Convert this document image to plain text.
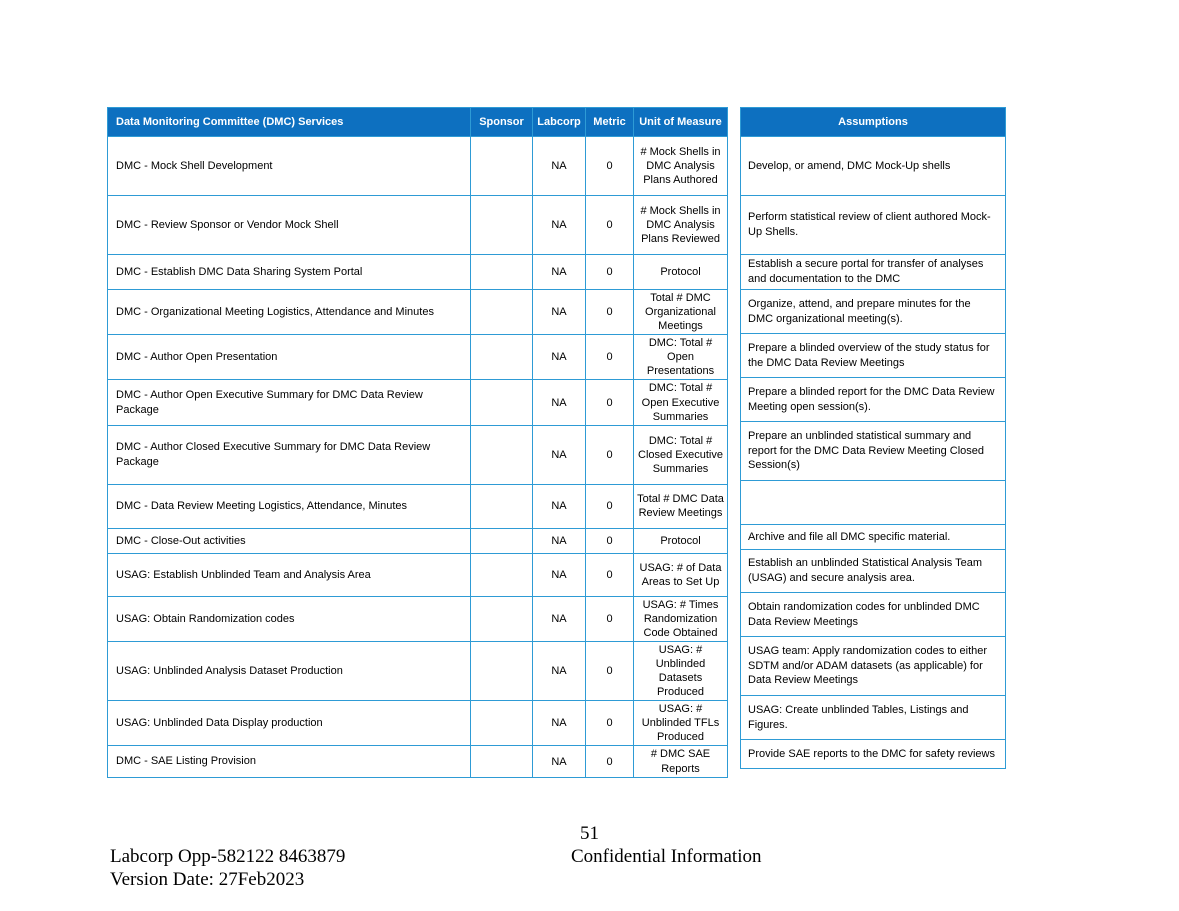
Data Monitoring Committee (DMC) Services	Sponsor	Labcorp	Metric	Unit of Measure
DMC - Mock Shell Development		NA	0	# Mock Shells in DMC Analysis Plans Authored
DMC - Review Sponsor or Vendor Mock Shell		NA	0	# Mock Shells in DMC Analysis Plans Reviewed
DMC - Establish DMC Data Sharing System Portal		NA	0	Protocol
DMC - Organizational Meeting Logistics, Attendance and Minutes		NA	0	Total # DMC Organizational Meetings
DMC - Author Open Presentation		NA	0	DMC: Total # Open Presentations
DMC - Author Open Executive Summary for DMC Data Review Package		NA	0	DMC: Total # Open Executive Summaries
DMC - Author Closed Executive Summary for DMC Data Review Package		NA	0	DMC: Total # Closed Executive Summaries
DMC - Data Review Meeting Logistics, Attendance, Minutes		NA	0	Total # DMC Data Review Meetings
DMC - Close-Out activities		NA	0	Protocol
USAG: Establish Unblinded Team and Analysis Area		NA	0	USAG: # of Data Areas to Set Up
USAG: Obtain Randomization codes		NA	0	USAG: # Times Randomization Code Obtained
USAG: Unblinded Analysis Dataset Production		NA	0	USAG: # Unblinded Datasets Produced
USAG: Unblinded Data Display production		NA	0	USAG: # Unblinded TFLs Produced
DMC - SAE Listing Provision		NA	0	# DMC SAE Reports
Assumptions
Develop, or amend, DMC Mock-Up shells
Perform statistical review of client authored Mock-Up Shells.
Establish a secure portal for transfer of analyses and documentation to the DMC
Organize, attend, and prepare minutes for the DMC organizational meeting(s).
Prepare a blinded overview of the study status for the DMC Data Review Meetings
Prepare a blinded report for the DMC Data Review Meeting open session(s).
Prepare an unblinded statistical summary and report for the DMC Data Review Meeting Closed Session(s)

Archive and file all DMC specific material.
Establish an unblinded Statistical Analysis Team (USAG) and secure analysis area.
Obtain randomization codes for unblinded DMC Data Review Meetings
USAG team: Apply randomization codes to either SDTM and/or ADAM datasets (as applicable) for Data Review Meetings
USAG: Create unblinded Tables, Listings and Figures.
Provide SAE reports to the DMC for safety reviews
51
Confidential Information
Labcorp Opp-582122 8463879
Version Date: 27Feb2023
